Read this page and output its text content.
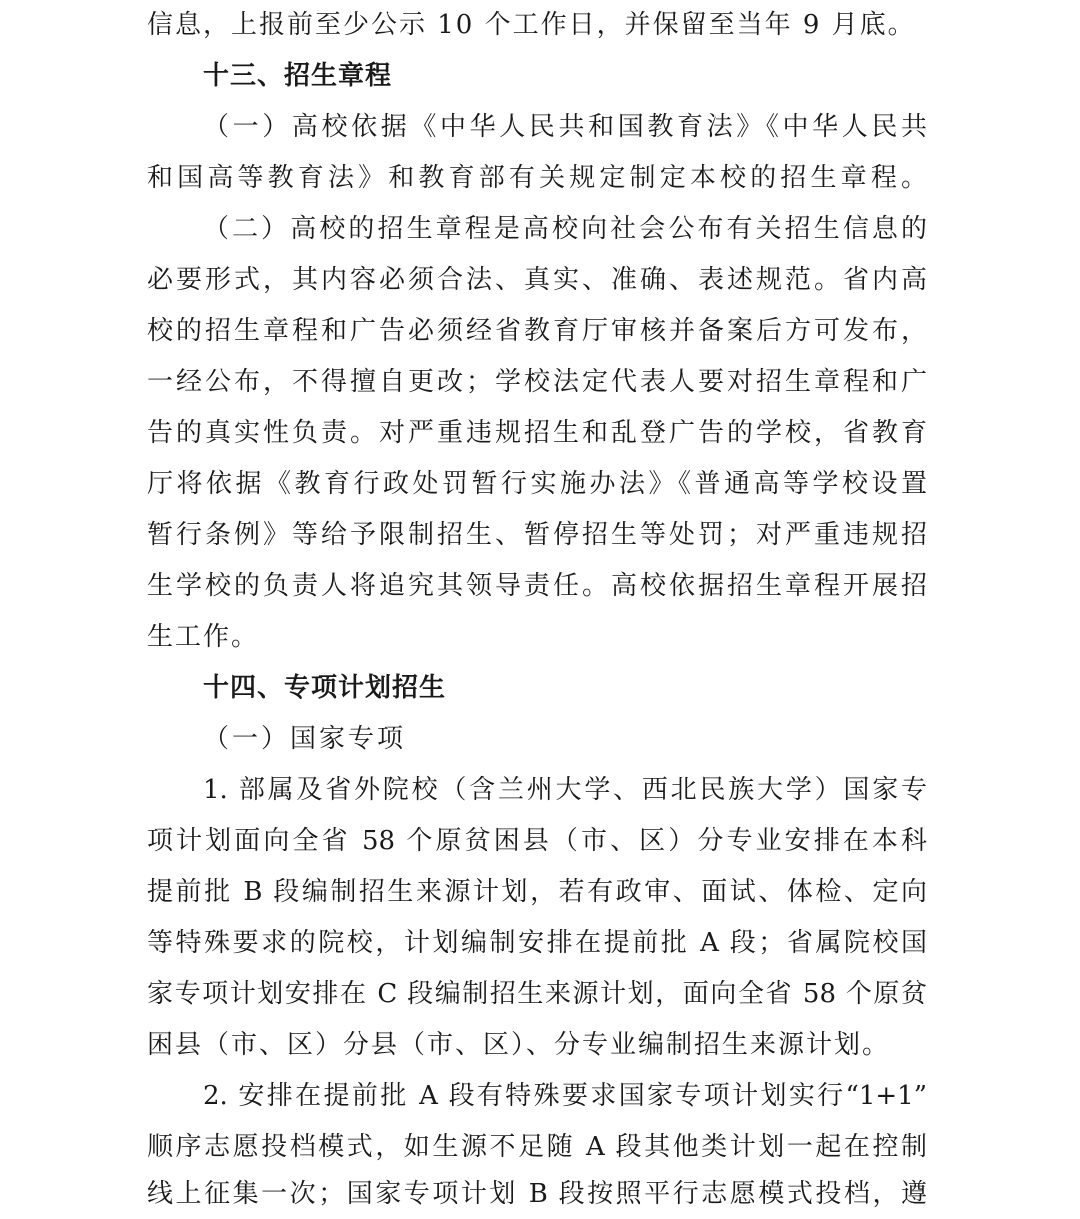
信息，上报前至少公示 10 个工作日，并保留至当年 9 月底。
十三、招生章程
（一）高校依据《中华人民共和国教育法》《中华人民共
和国高等教育法》和教育部有关规定制定本校的招生章程。
（二）高校的招生章程是高校向社会公布有关招生信息的
必要形式，其内容必须合法、真实、准确、表述规范。省内高
校的招生章程和广告必须经省教育厅审核并备案后方可发布，
一经公布，不得擅自更改；学校法定代表人要对招生章程和广
告的真实性负责。对严重违规招生和乱登广告的学校，省教育
厅将依据《教育行政处罚暂行实施办法》《普通高等学校设置
暂行条例》等给予限制招生、暂停招生等处罚；对严重违规招
生学校的负责人将追究其领导责任。高校依据招生章程开展招
生工作。
十四、专项计划招生
（一）国家专项
1. 部属及省外院校（含兰州大学、西北民族大学）国家专
项计划面向全省 58 个原贫困县（市、区）分专业安排在本科
提前批 B 段编制招生来源计划，若有政审、面试、体检、定向
等特殊要求的院校，计划编制安排在提前批 A 段；省属院校国
家专项计划安排在 C 段编制招生来源计划，面向全省 58 个原贫
困县（市、区）分县（市、区）、分专业编制招生来源计划。
2. 安排在提前批 A 段有特殊要求国家专项计划实行“1+1”
顺序志愿投档模式，如生源不足随 A 段其他类计划一起在控制
线上征集一次；国家专项计划 B 段按照平行志愿模式投档，遵
